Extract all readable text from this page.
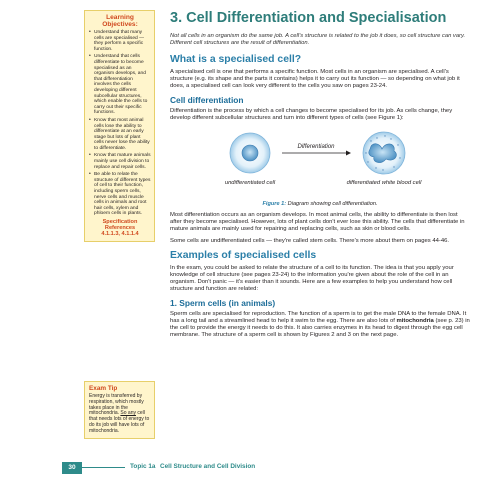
Learning Objectives:
• Understand that many cells are specialised — they perform a specific function.
• Understand that cells differentiate to become specialised as an organism develops, and that differentiation involves the cells developing different subcellular structures, which enable the cells to carry out their specific functions.
• Know that most animal cells lose the ability to differentiate at an early stage but lots of plant cells never lose the ability to differentiate.
• Know that mature animals mainly use cell division to replace and repair cells.
• Be able to relate the structure of different types of cell to their function, including sperm cells, nerve cells and muscle cells in animals and root hair cells, xylem and phloem cells in plants.
Specification References
4.1.1.3, 4.1.1.4
Exam Tip
Energy is transferred by respiration, which mostly takes place in the mitochondria. So any cell that needs lots of energy to do its job will have lots of mitochondria.
3. Cell Differentiation and Specialisation
Not all cells in an organism do the same job. A cell's structure is related to the job it does, so cell structure can vary. Different cell structures are the result of differentiation.
What is a specialised cell?

A specialised cell is one that performs a specific function. Most cells in an organism are specialised. A cell's structure (e.g. its shape and the parts it contains) helps it to carry out its function — so depending on what job it does, a specialised cell can look very different to the cells you saw on pages 23-24.

Cell differentiation

Differentiation is the process by which a cell changes to become specialised for its job. As cells change, they develop different subcellular structures and turn into different types of cells (see Figure 1):

Differentiation
undifferentiated cell	differentiated white blood cell
Figure 1: Diagram showing cell differentiation.

Most differentiation occurs as an organism develops. In most animal cells, the ability to differentiate is then lost after they become specialised. However, lots of plant cells don't ever lose this ability. The cells that differentiate in mature animals are mainly used for repairing and replacing cells, such as skin or blood cells.

Some cells are undifferentiated cells — they're called stem cells. There's more about them on pages 44-46.

Examples of specialised cells

In the exam, you could be asked to relate the structure of a cell to its function. The idea is that you apply your knowledge of cell structure (see pages 23-24) to the information you're given about the role of the cell in an organism. Don't panic — it's easier than it sounds. Here are a few examples to help you understand how cell structure and function are related:

1. Sperm cells (in animals)

Sperm cells are specialised for reproduction. The function of a sperm is to get the male DNA to the female DNA. It has a long tail and a streamlined head to help it swim to the egg. There are also lots of mitochondria (see p. 23) in the cell to provide the energy it needs to do this. It also carries enzymes in its head to digest through the egg cell membrane. The structure of a sperm cell is shown by Figures 2 and 3 on the next page.

30	Topic 1a Cell Structure and Cell Division
